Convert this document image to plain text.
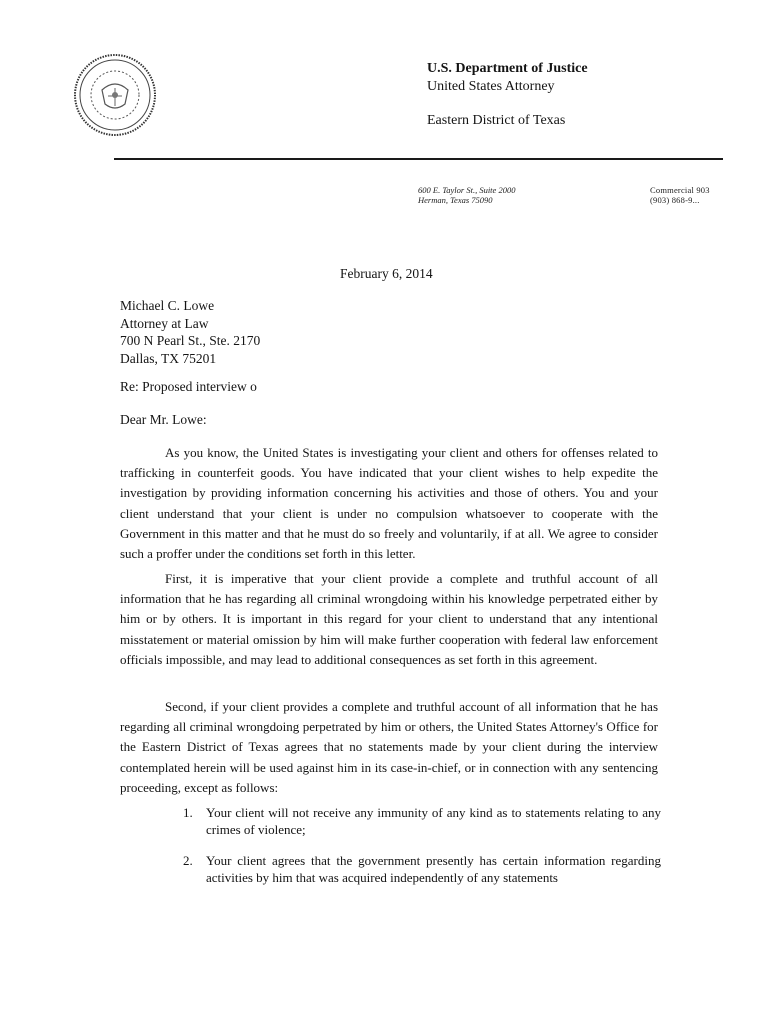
U.S. Department of Justice
United States Attorney
Eastern District of Texas
600 E. Taylor St., Suite 2000
Herman, Texas 75090
Commercial 903
(903) 868-9...
February 6, 2014
Michael C. Lowe
Attorney at Law
700 N Pearl St., Ste. 2170
Dallas, TX 75201
Re: Proposed interview o
Dear Mr. Lowe:

As you know, the United States is investigating your client and others for offenses related to trafficking in counterfeit goods. You have indicated that your client wishes to help expedite the investigation by providing information concerning his activities and those of others. You and your client understand that your client is under no compulsion whatsoever to cooperate with the Government in this matter and that he must do so freely and voluntarily, if at all. We agree to consider such a proffer under the conditions set forth in this letter.

First, it is imperative that your client provide a complete and truthful account of all information that he has regarding all criminal wrongdoing within his knowledge perpetrated either by him or by others. It is important in this regard for your client to understand that any intentional misstatement or material omission by him will make further cooperation with federal law enforcement officials impossible, and may lead to additional consequences as set forth in this agreement.

Second, if your client provides a complete and truthful account of all information that he has regarding all criminal wrongdoing perpetrated by him or others, the United States Attorney's Office for the Eastern District of Texas agrees that no statements made by your client during the interview contemplated herein will be used against him in its case-in-chief, or in connection with any sentencing proceeding, except as follows:

1. Your client will not receive any immunity of any kind as to statements relating to any crimes of violence;
2. Your client agrees that the government presently has certain information regarding activities by him that was acquired independently of any statements
